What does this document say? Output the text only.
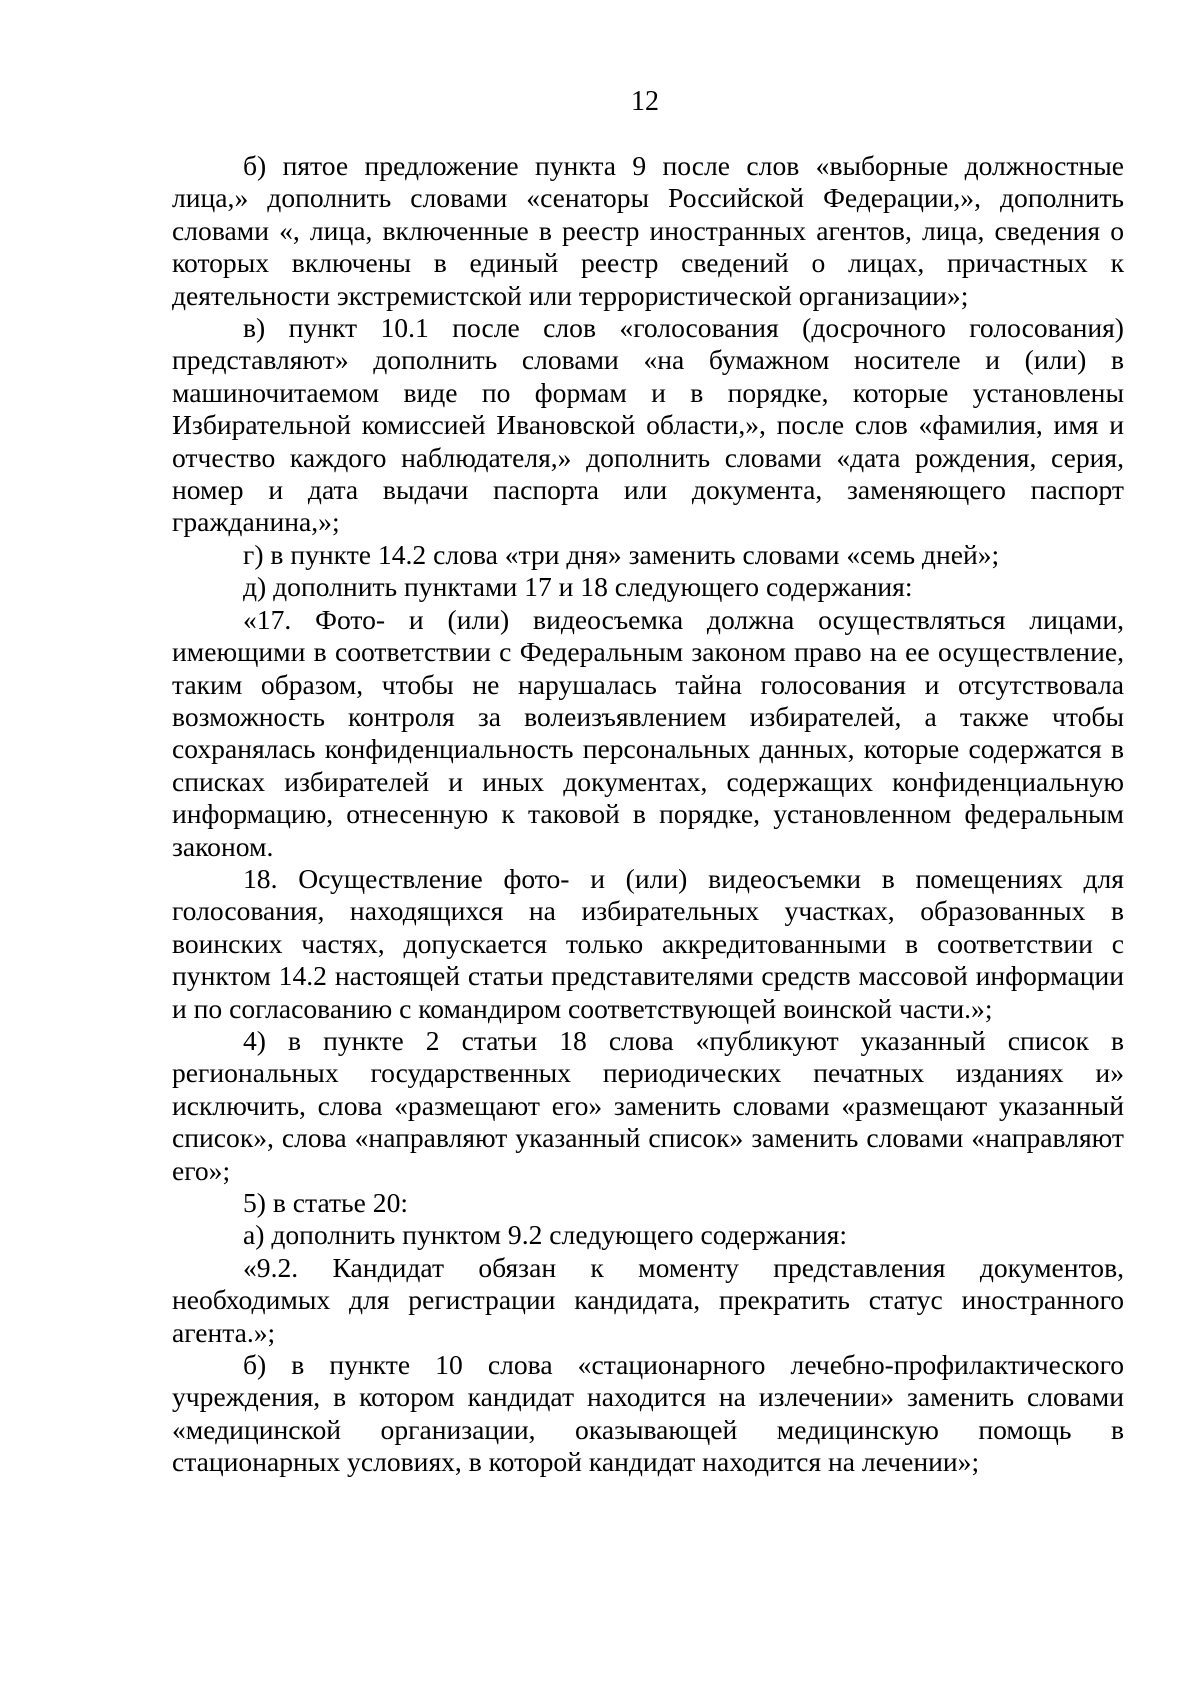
12

б) пятое предложение пункта 9 после слов «выборные должностные лица,» дополнить словами «сенаторы Российской Федерации,», дополнить словами «, лица, включенные в реестр иностранных агентов, лица, сведения о которых включены в единый реестр сведений о лицах, причастных к деятельности экстремистской или террористической организации»;

в) пункт 10.1 после слов «голосования (досрочного голосования) представляют» дополнить словами «на бумажном носителе и (или) в машиночитаемом виде по формам и в порядке, которые установлены Избирательной комиссией Ивановской области,», после слов «фамилия, имя и отчество каждого наблюдателя,» дополнить словами «дата рождения, серия, номер и дата выдачи паспорта или документа, заменяющего паспорт гражданина,»;

г) в пункте 14.2 слова «три дня» заменить словами «семь дней»;

д) дополнить пунктами 17 и 18 следующего содержания:

«17. Фото- и (или) видеосъемка должна осуществляться лицами, имеющими в соответствии с Федеральным законом право на ее осуществление, таким образом, чтобы не нарушалась тайна голосования и отсутствовала возможность контроля за волеизъявлением избирателей, а также чтобы сохранялась конфиденциальность персональных данных, которые содержатся в списках избирателей и иных документах, содержащих конфиденциальную информацию, отнесенную к таковой в порядке, установленном федеральным законом.

18. Осуществление фото- и (или) видеосъемки в помещениях для голосования, находящихся на избирательных участках, образованных в воинских частях, допускается только аккредитованными в соответствии с пунктом 14.2 настоящей статьи представителями средств массовой информации и по согласованию с командиром соответствующей воинской части.»;

4) в пункте 2 статьи 18 слова «публикуют указанный список в региональных государственных периодических печатных изданиях и» исключить, слова «размещают его» заменить словами «размещают указанный список», слова «направляют указанный список» заменить словами «направляют его»;

5) в статье 20:

а) дополнить пунктом 9.2 следующего содержания:

«9.2. Кандидат обязан к моменту представления документов, необходимых для регистрации кандидата, прекратить статус иностранного агента.»;

б) в пункте 10 слова «стационарного лечебно-профилактического учреждения, в котором кандидат находится на излечении» заменить словами «медицинской организации, оказывающей медицинскую помощь в стационарных условиях, в которой кандидат находится на лечении»;
